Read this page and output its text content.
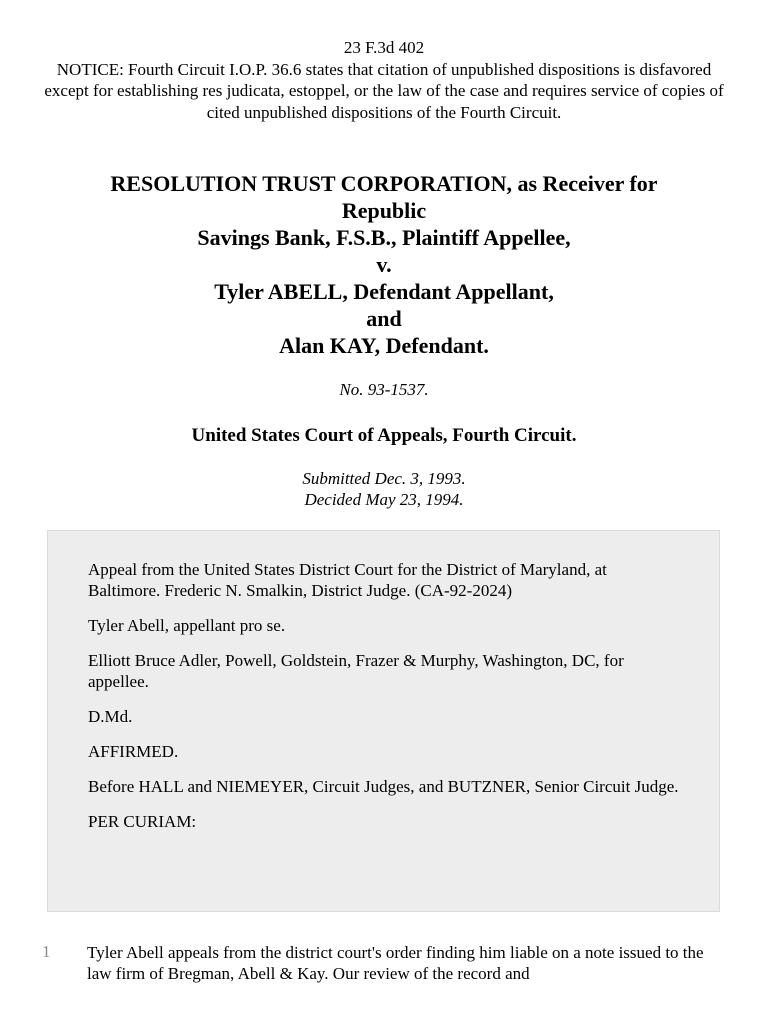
23 F.3d 402
NOTICE: Fourth Circuit I.O.P. 36.6 states that citation of unpublished dispositions is disfavored except for establishing res judicata, estoppel, or the law of the case and requires service of copies of cited unpublished dispositions of the Fourth Circuit.
RESOLUTION TRUST CORPORATION, as Receiver for
Republic
Savings Bank, F.S.B., Plaintiff Appellee,
v.
Tyler ABELL, Defendant Appellant,
and
Alan KAY, Defendant.
No. 93-1537.
United States Court of Appeals, Fourth Circuit.
Submitted Dec. 3, 1993.
Decided May 23, 1994.

Appeal from the United States District Court for the District of Maryland, at Baltimore. Frederic N. Smalkin, District Judge. (CA-92-2024)

Tyler Abell, appellant pro se.

Elliott Bruce Adler, Powell, Goldstein, Frazer & Murphy, Washington, DC, for appellee.

D.Md.

AFFIRMED.

Before HALL and NIEMEYER, Circuit Judges, and BUTZNER, Senior Circuit Judge.

PER CURIAM:

1 Tyler Abell appeals from the district court's order finding him liable on a note issued to the law firm of Bregman, Abell & Kay. Our review of the record and
